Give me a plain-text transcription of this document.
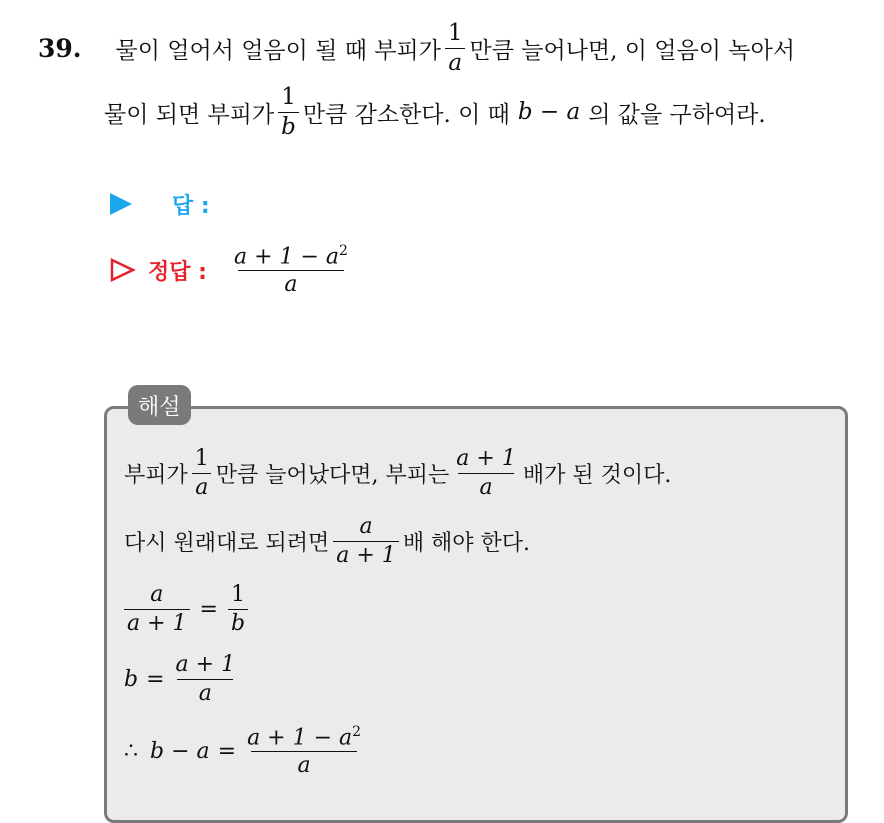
39. 물이 얼어서 얼음이 될 때 부피가 $\frac{1}{a}$ 만큼 늘어나면, 이 얼음이 녹아서
물이 되면 부피가 $\frac{1}{b}$ 만큼 감소한다. 이 때 b − a 의 값을 구하여라.
답 :
정답 : $\frac{a + 1 - a^2}{a}$
해설
부피가 $\frac{1}{a}$ 만큼 늘어났다면, 부피는 $\frac{a + 1}{a}$ 배가 된 것이다.
다시 원래대로 되려면 $\frac{a}{a + 1}$ 배 해야 한다.
$\frac{a}{a + 1} = \frac{1}{b}$
$b = \frac{a + 1}{a}$
∴ $b - a = \frac{a + 1 - a^2}{a}$
